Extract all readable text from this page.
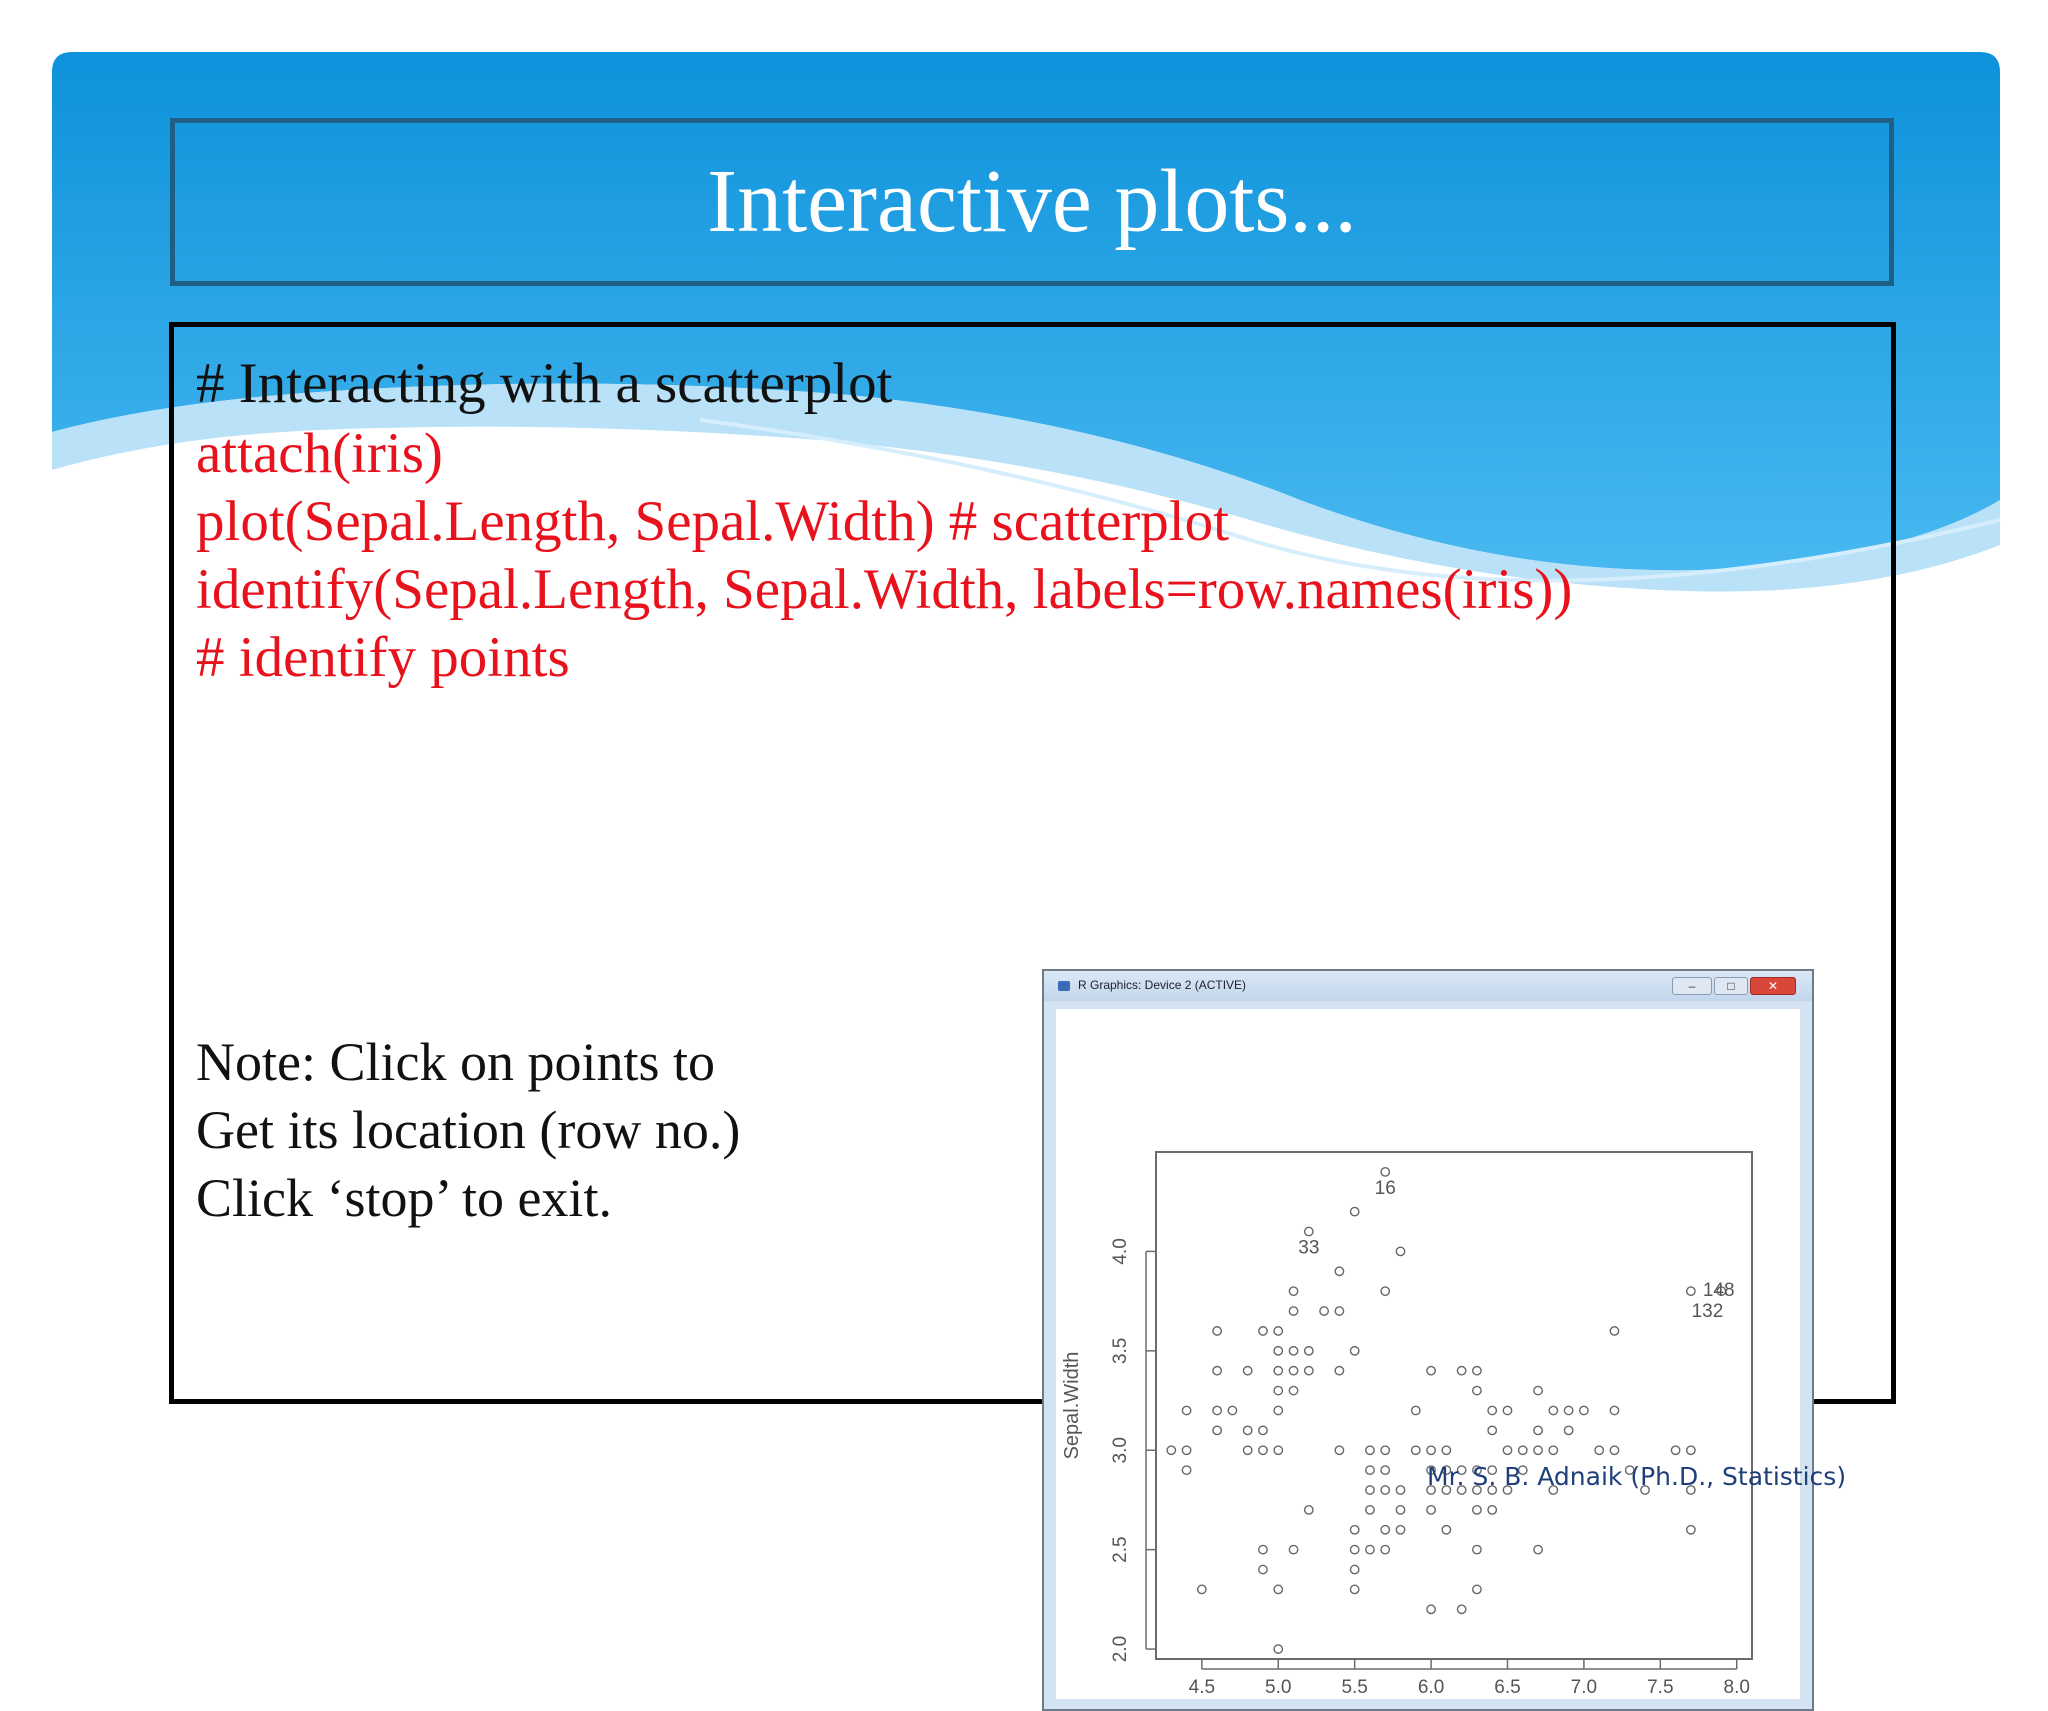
Interactive plots...
# Interacting with a scatterplot
attach(iris)
plot(Sepal.Length, Sepal.Width) # scatterplot
identify(Sepal.Length, Sepal.Width, labels=row.names(iris))
# identify points
Note: Click on points to
Get its location (row no.)
Click ‘stop’ to exit.
R Graphics: Device 2 (ACTIVE)	–	□	✕
4.5	5.0	5.5	6.0	6.5	7.0	7.5	8.0
2.0
2.5
3.0
3.5
4.0
Sepal.Width
16
33
148
132
Mr. S. B. Adnaik (Ph.D., Statistics)
